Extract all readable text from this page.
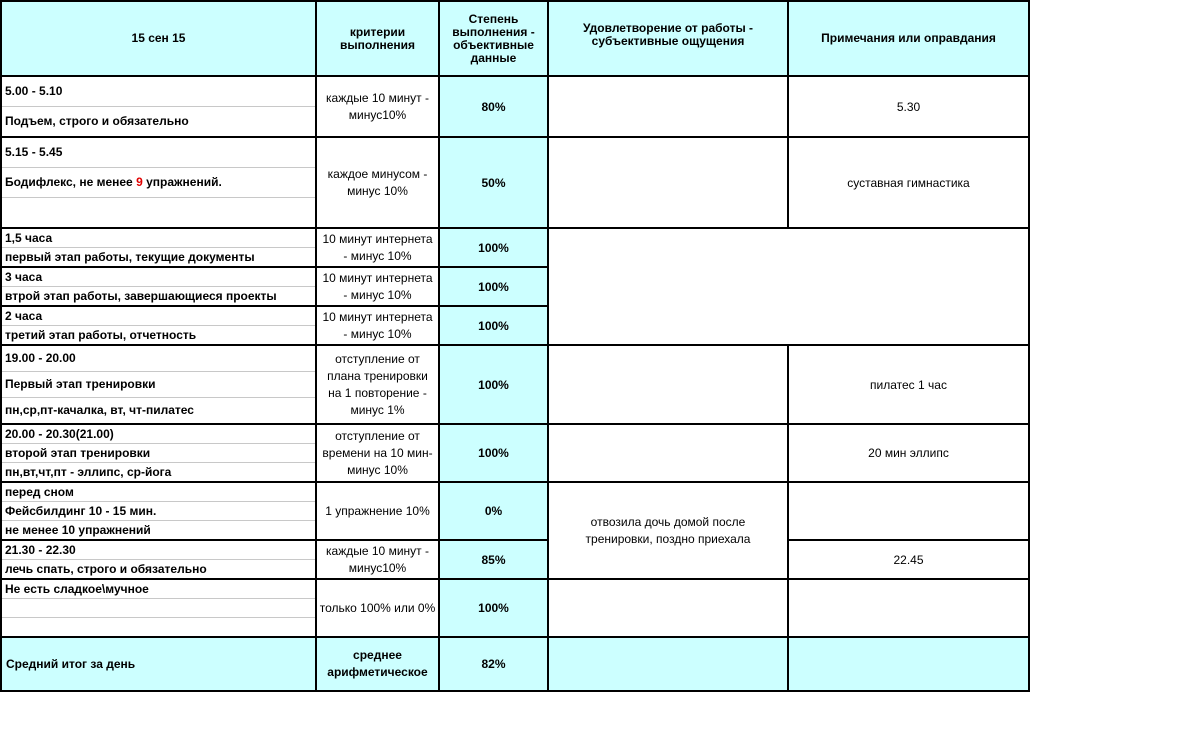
15 сен 15	критерии выполнения	Степень выполнения - объективные данные	Удовлетворение от работы - субъективные ощущения	Примечания или оправдания

5.00 - 5.10
Подъем, строго и обязательно	каждые 10 минут - минус10%	80%		5.30

5.15 - 5.45
Бодифлекс, не менее 9 упражнений.	каждое минусом - минус 10%	50%		суставная гимнастика

1,5 часа
первый этап работы, текущие документы	10 минут интернета - минус 10%	100%		

3 часа
втрой этап работы, завершающиеся проекты	10 минут интернета - минус 10%	100%		

2 часа
третий этап работы, отчетность	10 минут интернета - минус 10%	100%		

19.00 - 20.00
Первый этап тренировки
пн,ср,пт-качалка, вт, чт-пилатес	отступление от плана тренировки на 1 повторение - минус 1%	100%		пилатес 1 час

20.00 - 20.30(21.00)
второй этап тренировки
пн,вт,чт,пт - эллипс, ср-йога	отступление от времени на 10 мин- минус 10%	100%		20 мин эллипс

перед сном
Фейсбилдинг 10 - 15 мин.
не менее 10 упражнений	1 упражнение 10%	0%	отвозила дочь домой после тренировки, поздно приехала	

21.30 - 22.30
лечь спать, строго и обязательно	каждые 10 минут - минус10%	85%		22.45

Не есть сладкое\мучное	только 100% или 0%	100%		
Средний итог за день	среднее арифметическое	82%		
